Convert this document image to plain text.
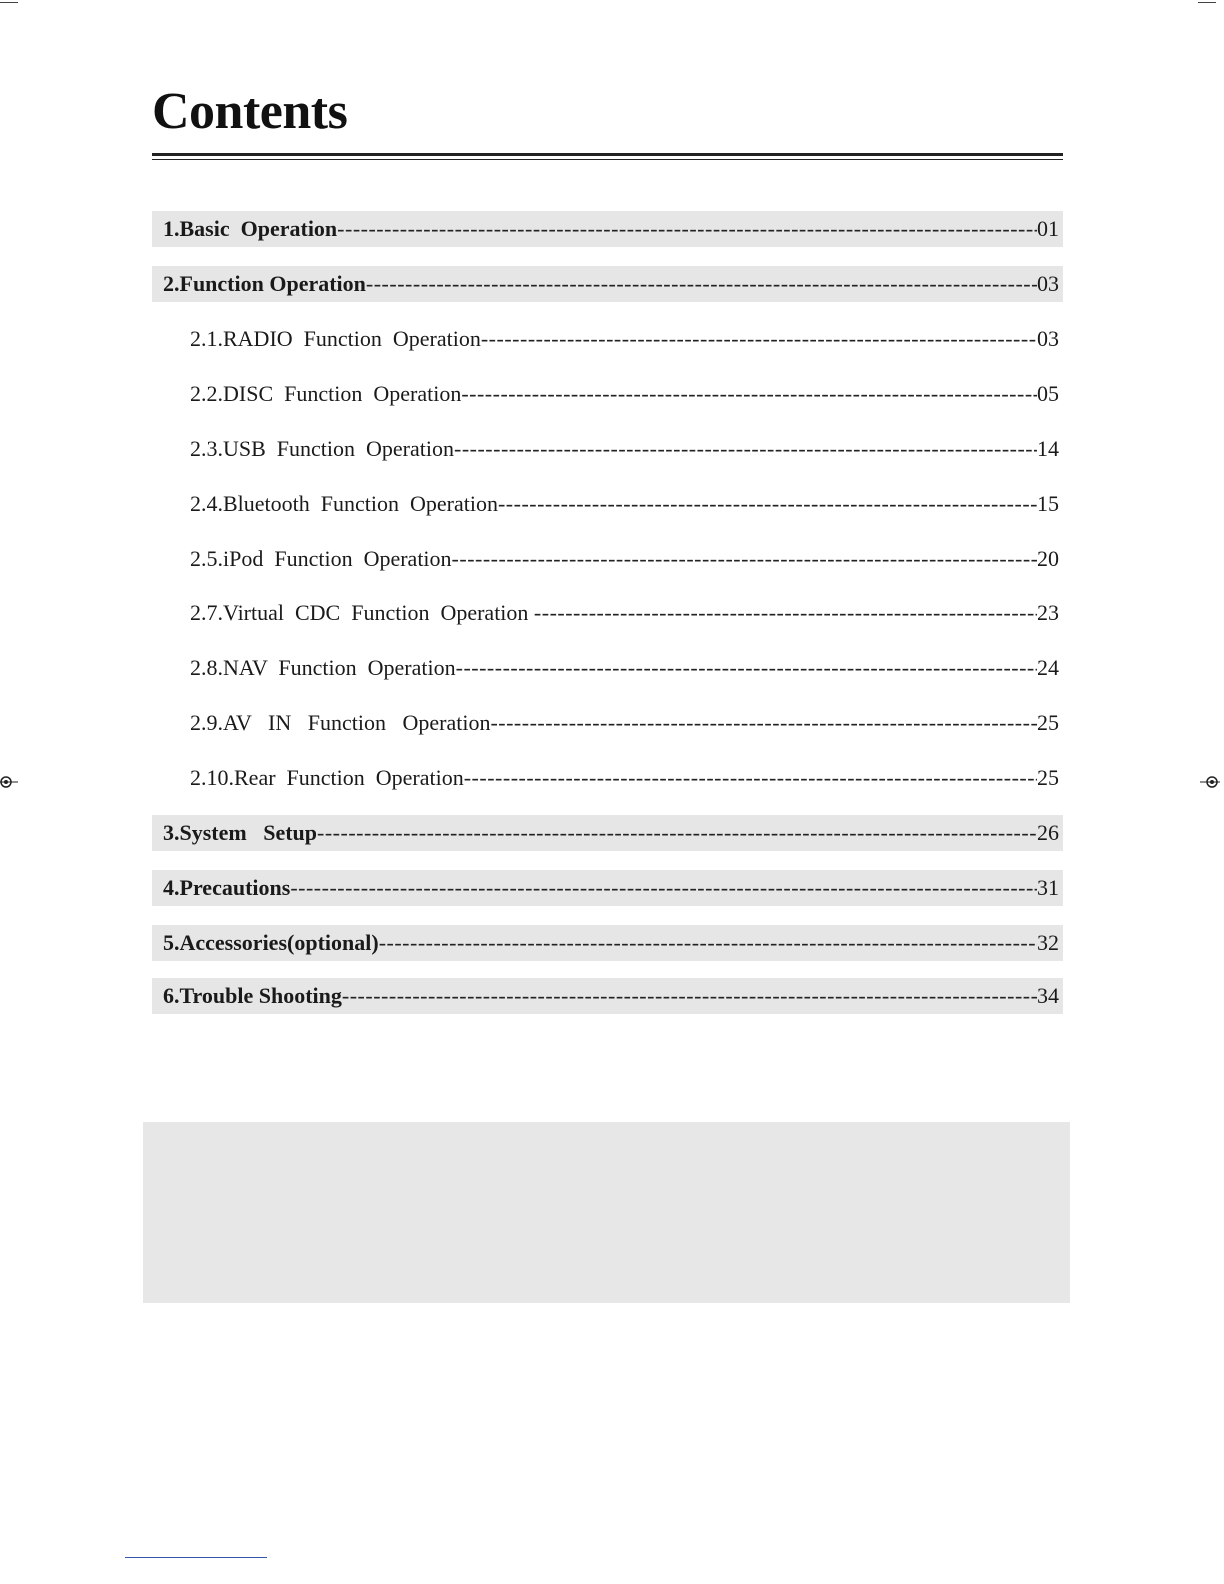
Contents
1.Basic  Operation -----	01
2.Function Operation -----	03
2.1.RADIO  Function  Operation -----	03
2.2.DISC  Function  Operation -----	05
2.3.USB  Function  Operation -----	14
2.4.Bluetooth  Function  Operation -----	15
2.5.iPod  Function  Operation -----	20
2.7.Virtual  CDC  Function  Operation -----	23
2.8.NAV  Function  Operation -----	24
2.9.AV   IN   Function   Operation -----	25
2.10.Rear  Function  Operation -----	25
3.System   Setup -----	26
4.Precautions -----	31
5.Accessories(optional) -----	32
6.Trouble Shooting -----	34
